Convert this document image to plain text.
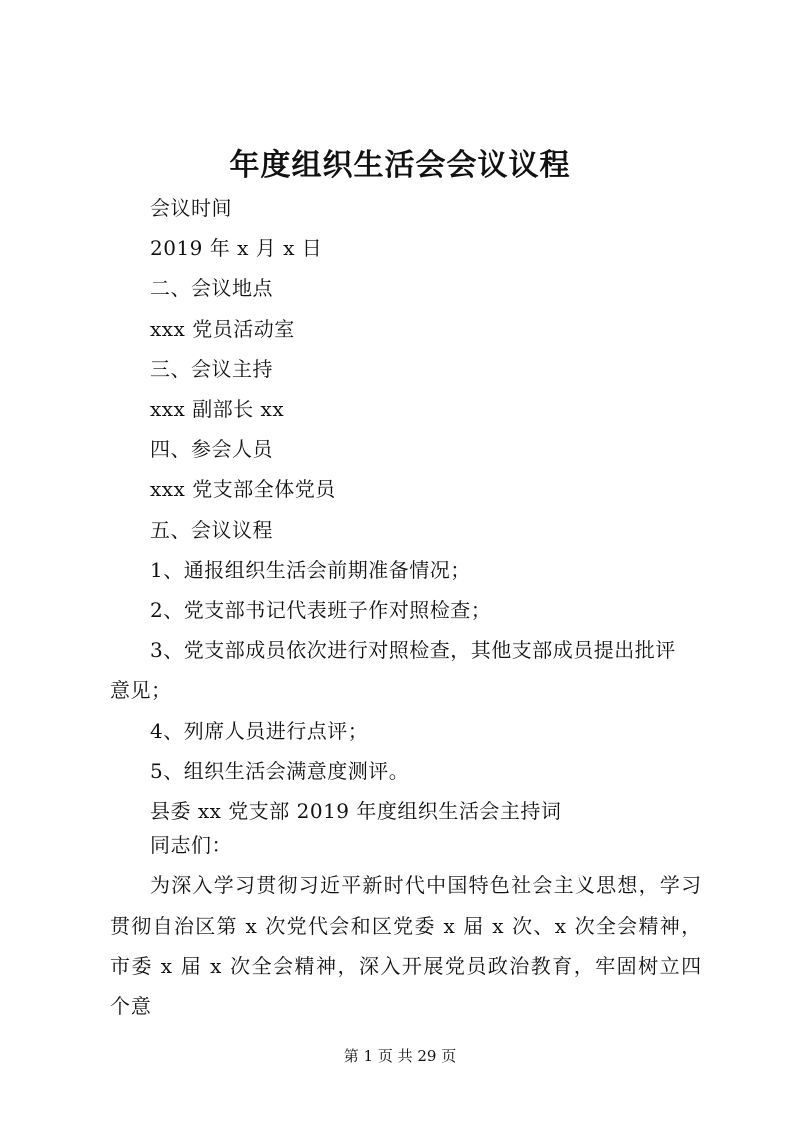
年度组织生活会会议议程
会议时间
2019 年 x 月 x 日
二、会议地点
xxx 党员活动室
三、会议主持
xxx 副部长 xx
四、参会人员
xxx 党支部全体党员
五、会议议程
1、通报组织生活会前期准备情况；
2、党支部书记代表班子作对照检查；
3、党支部成员依次进行对照检查，其他支部成员提出批评
意见；
4、列席人员进行点评；
5、组织生活会满意度测评。
县委 xx 党支部 2019 年度组织生活会主持词
同志们：
为深入学习贯彻习近平新时代中国特色社会主义思想，学习贯彻自治区第 x 次党代会和区党委 x 届 x 次、x 次全会精神，市委 x 届 x 次全会精神，深入开展党员政治教育，牢固树立四个意
第 1 页 共 29 页
